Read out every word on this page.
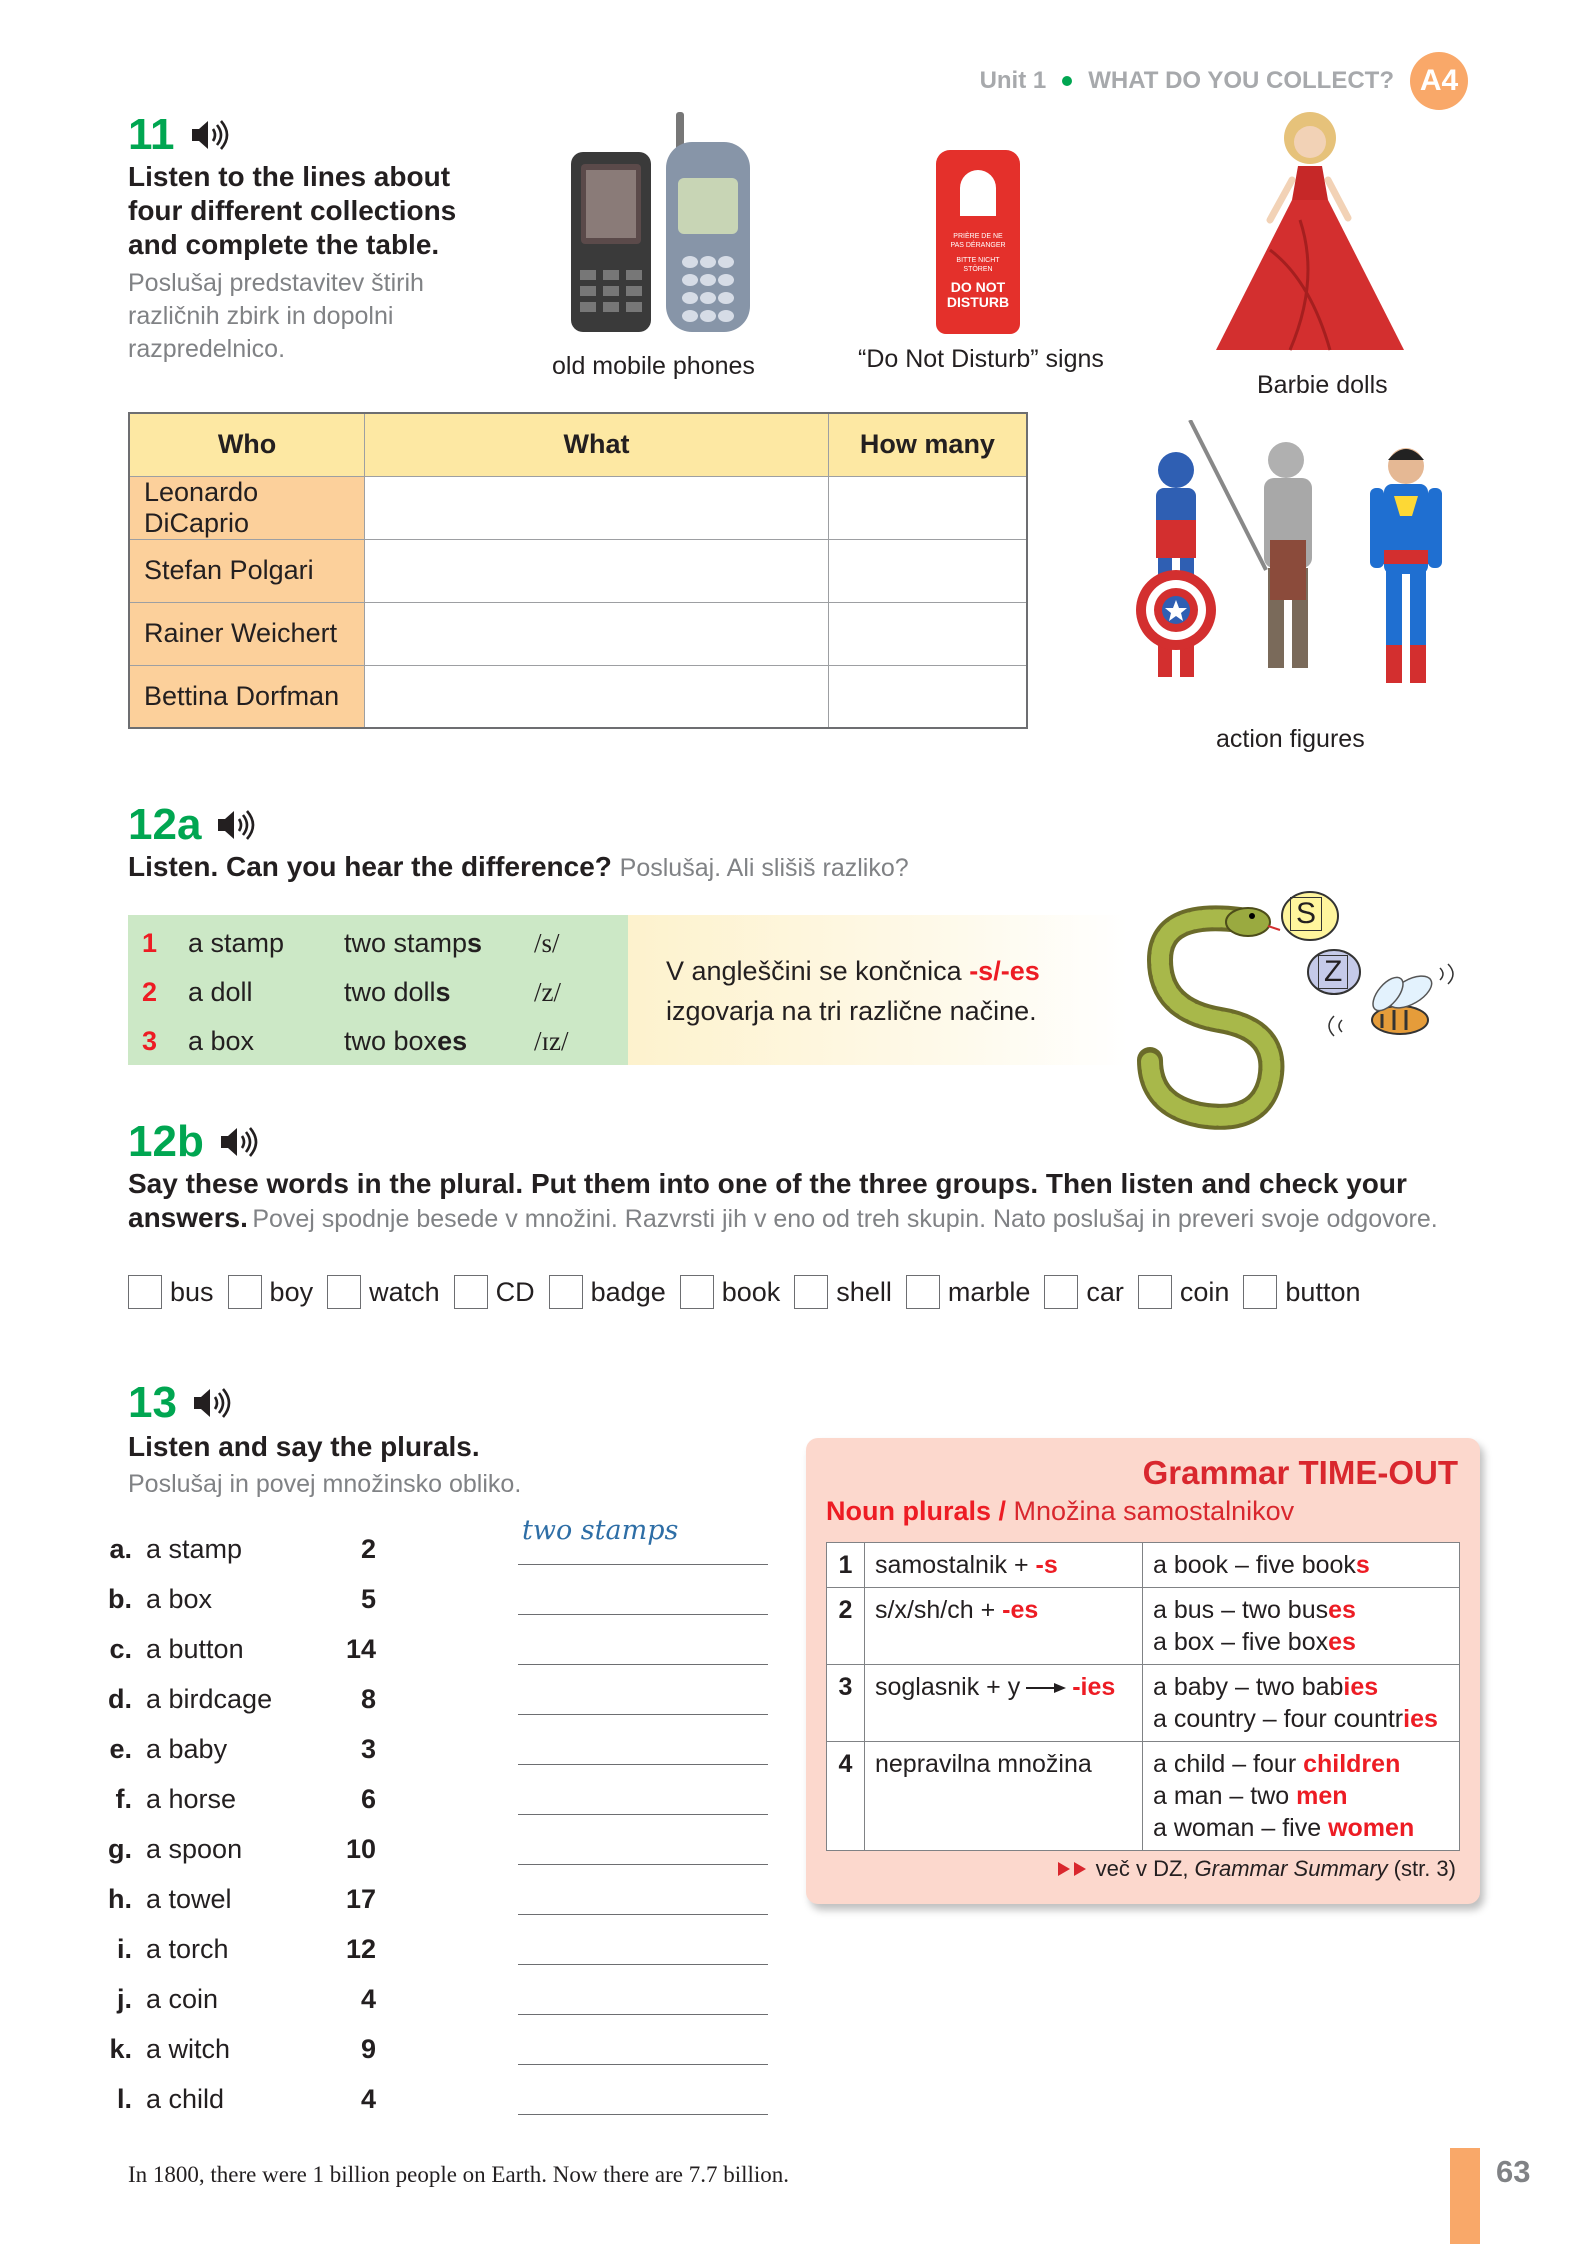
Unit 1 WHAT DO YOU COLLECT? A4
11
Listen to the lines about
four different collections
and complete the table.
Poslušaj predstavitev štirih
različnih zbirk in dopolni
razpredelnico.
old mobile phones
PRIÈRE DE NE
PAS DÉRANGER
BITTE NICHT
STÖREN
DO NOT
DISTURB
“Do Not Disturb” signs
Barbie dolls
action figures
Who	What	How many
Leonardo DiCaprio		
Stefan Polgari		
Rainer Weichert		
Bettina Dorfman		
12a
Listen. Can you hear the difference? Poslušaj. Ali slišiš razliko?
1	a stamp	two stamps	/s/
2	a doll	two dolls	/z/
3	a box	two boxes	/ɪz/
V angleščini se končnica -s/-es
izgovarja na tri različne načine.
S
Z
12b
Say these words in the plural. Put them into one of the three groups. Then listen and check your
answers. Povej spodnje besede v množini. Razvrsti jih v eno od treh skupin. Nato poslušaj in preveri svoje odgovore.
bus boy watch CD badge book shell marble car coin button
13
Listen and say the plurals.
Poslušaj in povej množinsko obliko.
a. a stamp	2
two stamps
b. a box	5
c. a button	14
d. a birdcage	8
e. a baby	3
f. a horse	6
g. a spoon	10
h. a towel	17
i. a torch	12
j. a coin	4
k. a witch	9
l. a child	4
Grammar TIME-OUT
Noun plurals / Množina samostalnikov
1	samostalnik + -s	a book – five books

2	s/x/sh/ch + -es	a bus – two buses
a box – five boxes

3	soglasnik + y -ies	a baby – two babies
a country – four countries

4	nepravilna množina	a child – four children
a man – two men
a woman – five women
več v DZ, Grammar Summary (str. 3)
In 1800, there were 1 billion people on Earth. Now there are 7.7 billion.	63
